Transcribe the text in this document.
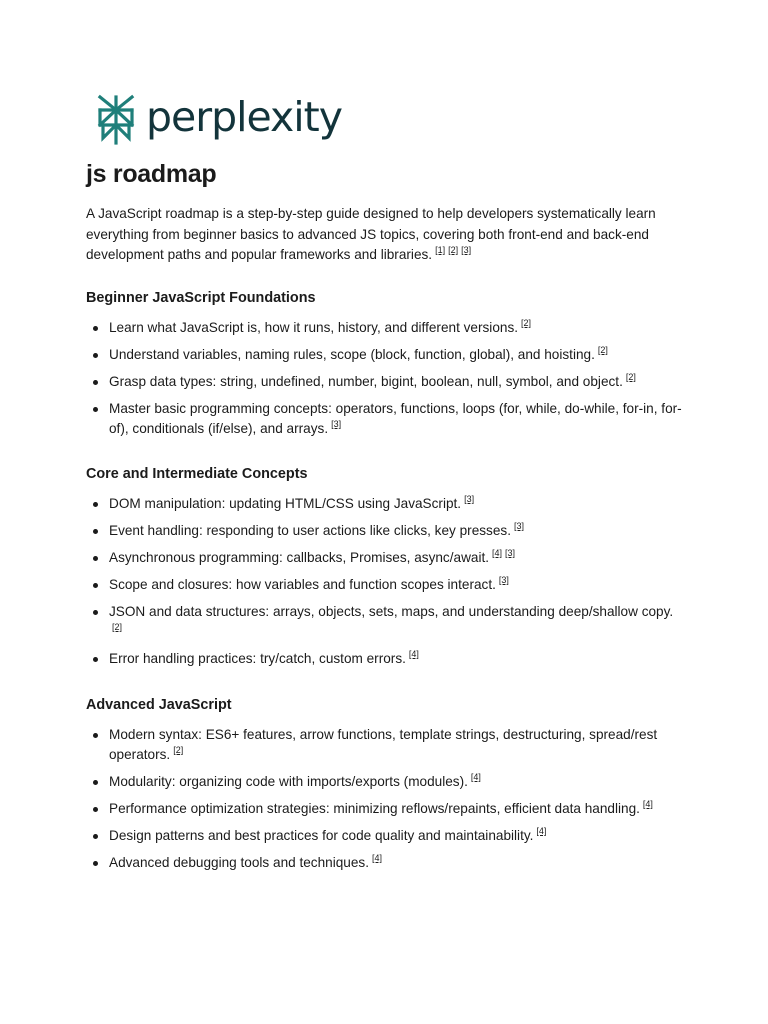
perplexity
js roadmap

A JavaScript roadmap is a step-by-step guide designed to help developers systematically learn everything from beginner basics to advanced JS topics, covering both front-end and back-end development paths and popular frameworks and libraries. [1] [2] [3]

Beginner JavaScript Foundations
Learn what JavaScript is, how it runs, history, and different versions. [2]
Understand variables, naming rules, scope (block, function, global), and hoisting. [2]
Grasp data types: string, undefined, number, bigint, boolean, null, symbol, and object. [2]
Master basic programming concepts: operators, functions, loops (for, while, do-while, for-in, for-of), conditionals (if/else), and arrays. [3]
Core and Intermediate Concepts
DOM manipulation: updating HTML/CSS using JavaScript. [3]
Event handling: responding to user actions like clicks, key presses. [3]
Asynchronous programming: callbacks, Promises, async/await. [4] [3]
Scope and closures: how variables and function scopes interact. [3]
JSON and data structures: arrays, objects, sets, maps, and understanding deep/shallow copy.[2]
Error handling practices: try/catch, custom errors. [4]
Advanced JavaScript
Modern syntax: ES6+ features, arrow functions, template strings, destructuring, spread/rest operators. [2]
Modularity: organizing code with imports/exports (modules). [4]
Performance optimization strategies: minimizing reflows/repaints, efficient data handling. [4]
Design patterns and best practices for code quality and maintainability. [4]
Advanced debugging tools and techniques. [4]
